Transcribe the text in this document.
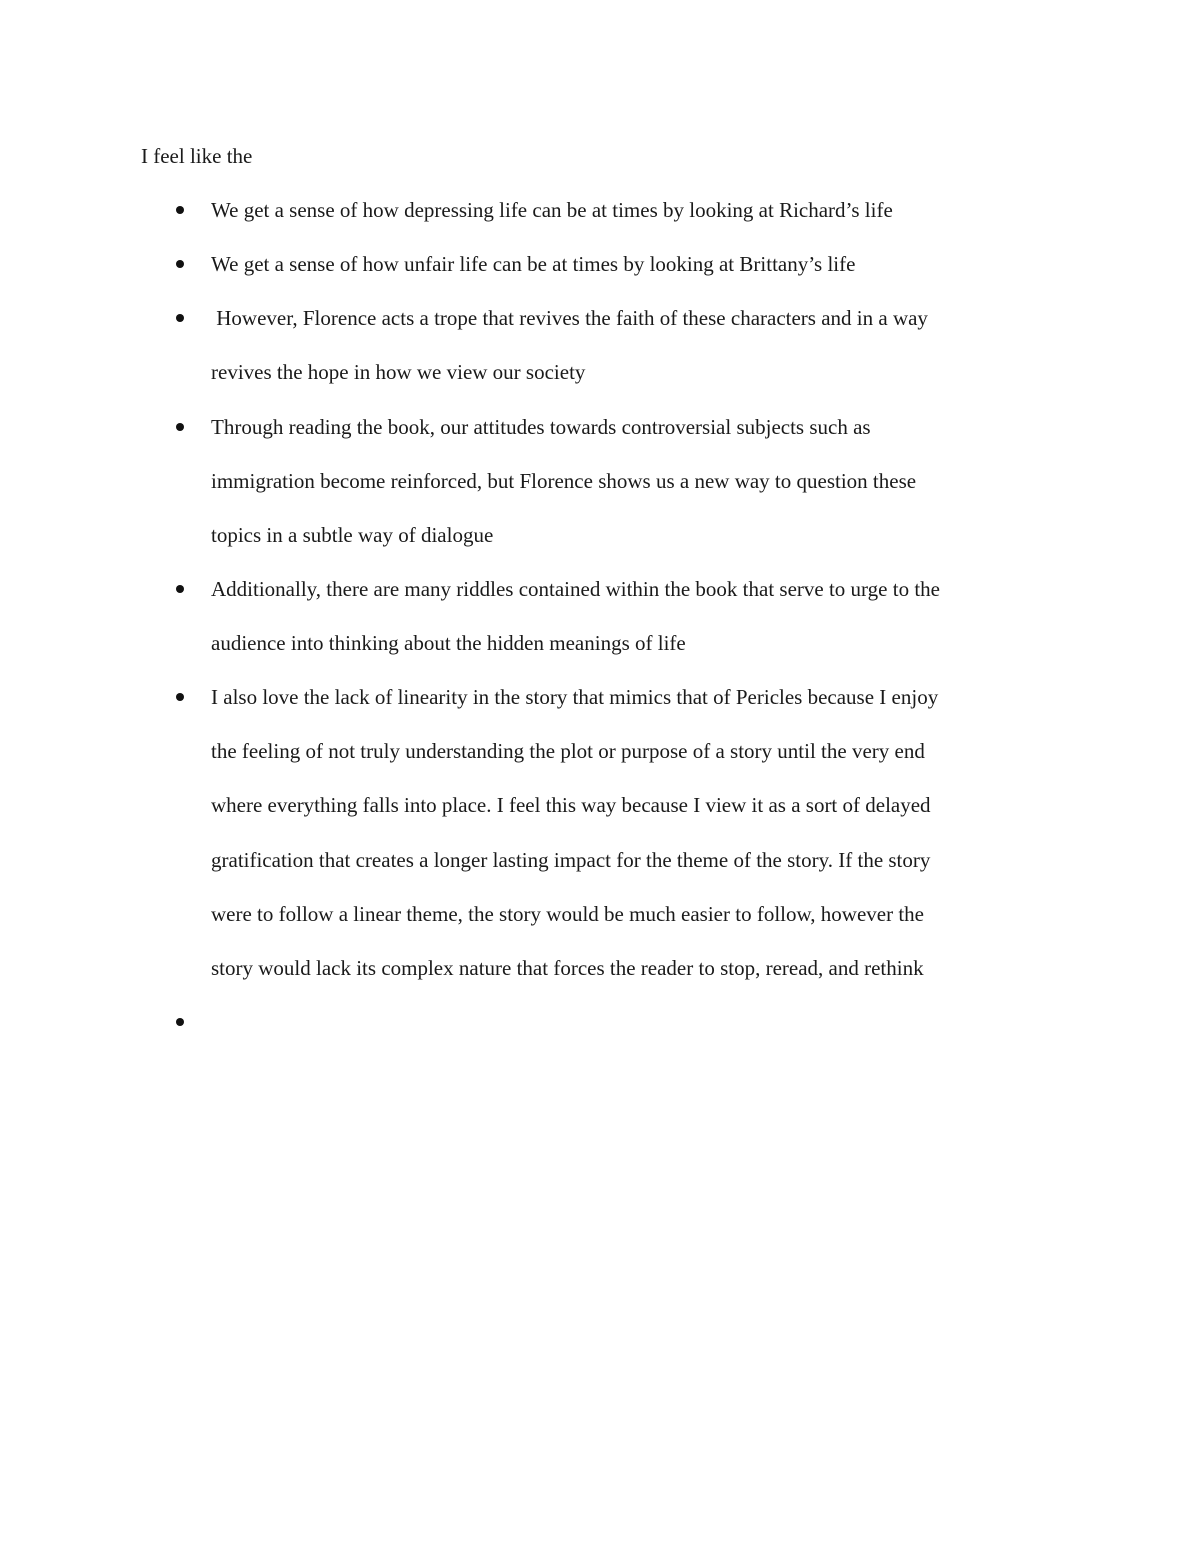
I feel like the

We get a sense of how depressing life can be at times by looking at Richard’s life

We get a sense of how unfair life can be at times by looking at Brittany’s life

However, Florence acts a trope that revives the faith of these characters and in a way
revives the hope in how we view our society

Through reading the book, our attitudes towards controversial subjects such as
immigration become reinforced, but Florence shows us a new way to question these
topics in a subtle way of dialogue

Additionally, there are many riddles contained within the book that serve to urge to the
audience into thinking about the hidden meanings of life

I also love the lack of linearity in the story that mimics that of Pericles because I enjoy
the feeling of not truly understanding the plot or purpose of a story until the very end
where everything falls into place. I feel this way because I view it as a sort of delayed
gratification that creates a longer lasting impact for the theme of the story. If the story
were to follow a linear theme, the story would be much easier to follow, however the
story would lack its complex nature that forces the reader to stop, reread, and rethink
